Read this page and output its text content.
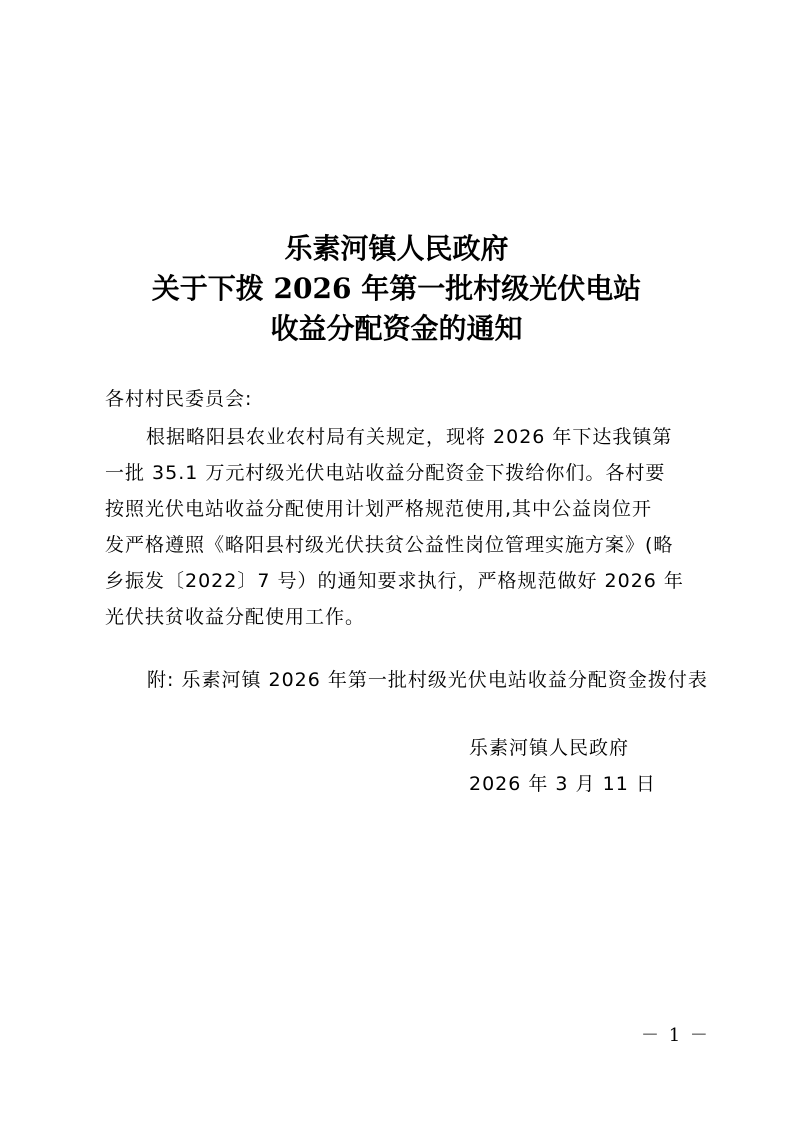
乐素河镇人民政府
关于下拨 2026 年第一批村级光伏电站
收益分配资金的通知
各村村民委员会:
根据略阳县农业农村局有关规定，现将 2026 年下达我镇第
一批 35.1 万元村级光伏电站收益分配资金下拨给你们。各村要
按照光伏电站收益分配使用计划严格规范使用,其中公益岗位开
发严格遵照《略阳县村级光伏扶贫公益性岗位管理实施方案》(略
乡振发〔2022〕7 号）的通知要求执行，严格规范做好 2026 年
光伏扶贫收益分配使用工作。
附: 乐素河镇 2026 年第一批村级光伏电站收益分配资金拨付表
乐素河镇人民政府
2026 年 3 月 11 日
－ 1 －
